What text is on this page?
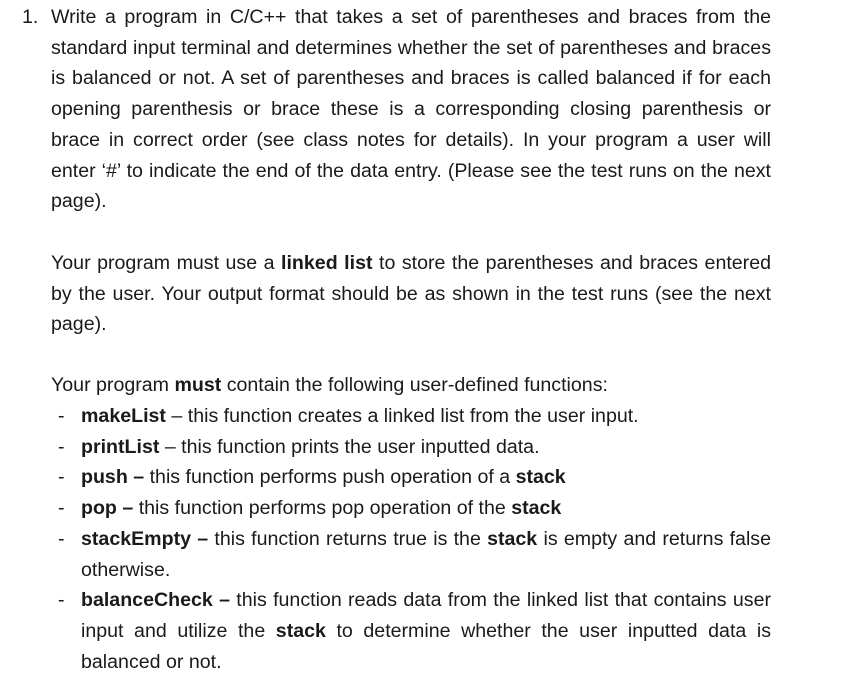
1. Write a program in C/C++ that takes a set of parentheses and braces from the standard input terminal and determines whether the set of parentheses and braces is balanced or not. A set of parentheses and braces is called balanced if for each opening parenthesis or brace these is a corresponding closing parenthesis or brace in correct order (see class notes for details). In your program a user will enter ‘#’ to indicate the end of the data entry. (Please see the test runs on the next page).

Your program must use a linked list to store the parentheses and braces entered by the user. Your output format should be as shown in the test runs (see the next page).

Your program must contain the following user-defined functions:

- makeList – this function creates a linked list from the user input.
- printList – this function prints the user inputted data.
- push – this function performs push operation of a stack
- pop – this function performs pop operation of the stack
- stackEmpty – this function returns true is the stack is empty and returns false otherwise.
- balanceCheck – this function reads data from the linked list that contains user input and utilize the stack to determine whether the user inputted data is balanced or not.
